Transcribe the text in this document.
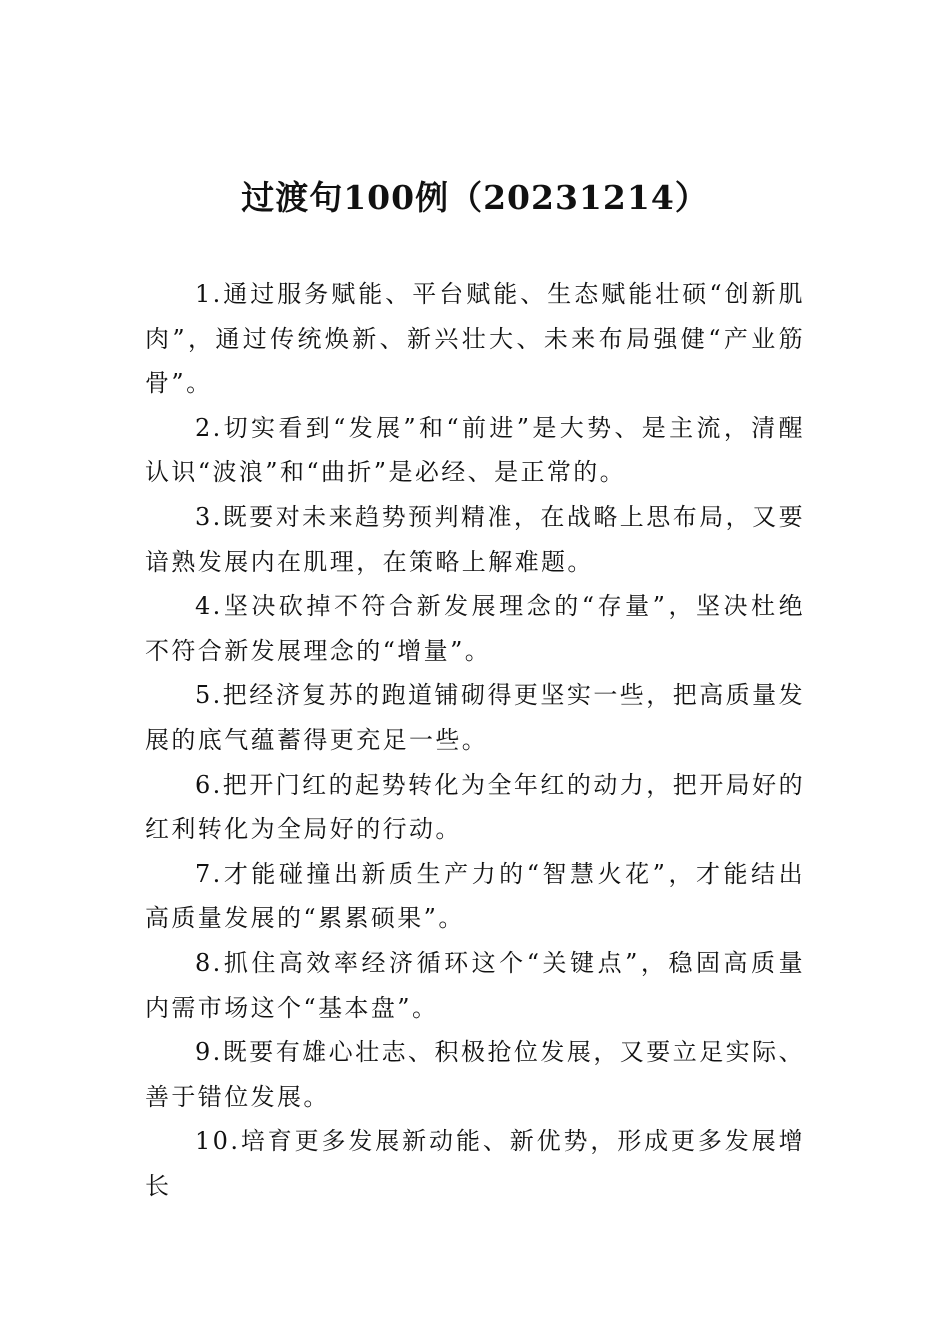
过渡句100例（20231214）

1.通过服务赋能、平台赋能、生态赋能壮硕“创新肌肉”，通过传统焕新、新兴壮大、未来布局强健“产业筋骨”。

2.切实看到“发展”和“前进”是大势、是主流，清醒认识“波浪”和“曲折”是必经、是正常的。

3.既要对未来趋势预判精准，在战略上思布局，又要谙熟发展内在肌理，在策略上解难题。

4.坚决砍掉不符合新发展理念的“存量”，坚决杜绝不符合新发展理念的“增量”。

5.把经济复苏的跑道铺砌得更坚实一些，把高质量发展的底气蕴蓄得更充足一些。

6.把开门红的起势转化为全年红的动力，把开局好的红利转化为全局好的行动。

7.才能碰撞出新质生产力的“智慧火花”，才能结出高质量发展的“累累硕果”。

8.抓住高效率经济循环这个“关键点”，稳固高质量内需市场这个“基本盘”。

9.既要有雄心壮志、积极抢位发展，又要立足实际、善于错位发展。

10.培育更多发展新动能、新优势，形成更多发展增长
